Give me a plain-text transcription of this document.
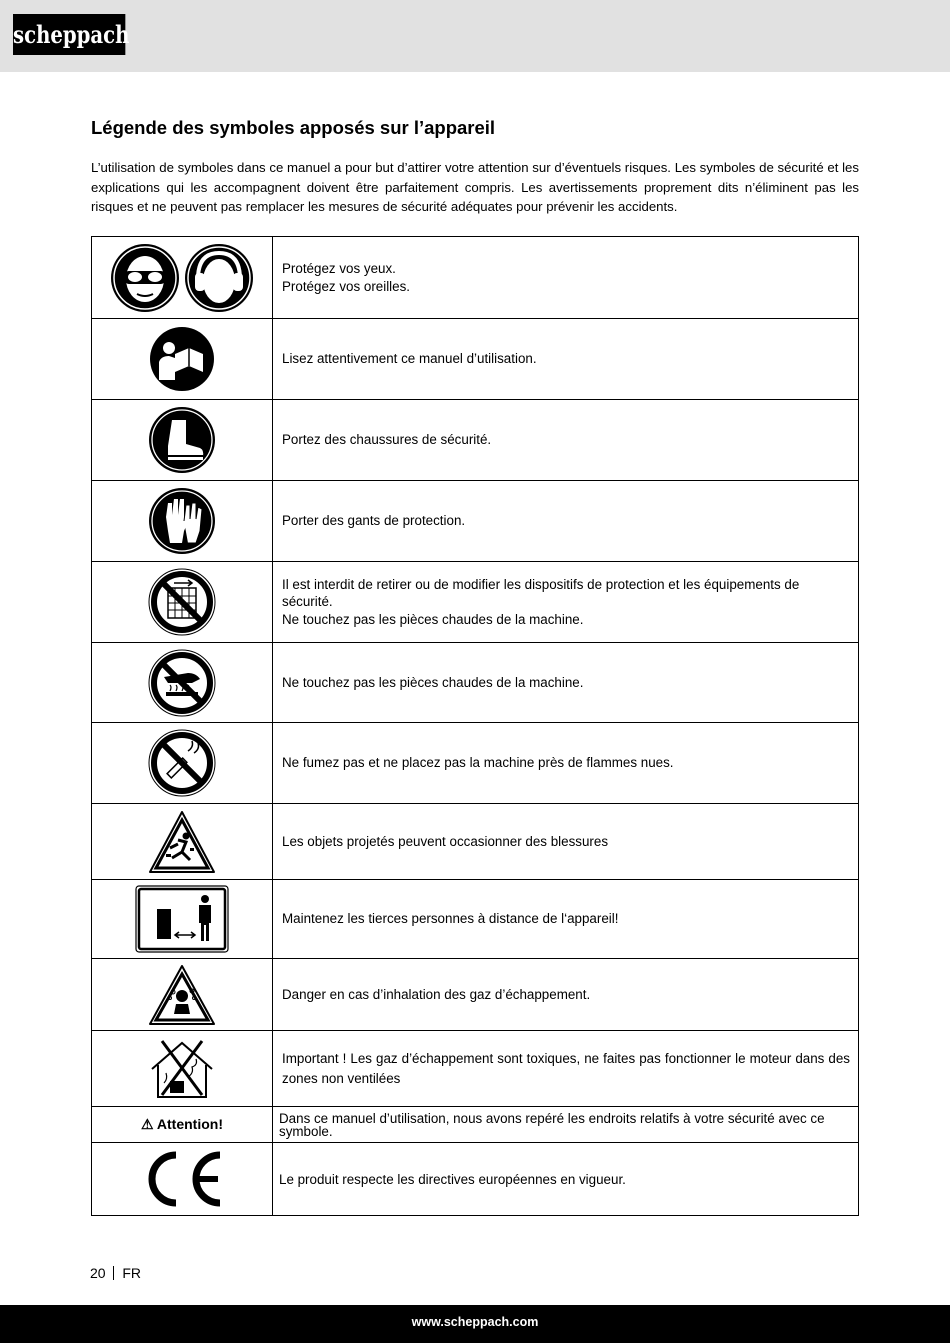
scheppach
Légende des symboles apposés sur l’appareil

L’utilisation de symboles dans ce manuel a pour but d’attirer votre attention sur d’éventuels risques. Les symboles de sécurité et les explications qui les accompagnent doivent être parfaitement compris. Les avertissements proprement dits n’éliminent pas les risques et ne peuvent pas remplacer les mesures de sécurité adéquates pour prévenir les accidents.

Protégez vos yeux.
Protégez vos oreilles.

Lisez attentivement ce manuel d’utilisation.

Portez des chaussures de sécurité.

Porter des gants de protection.

Il est interdit de retirer ou de modifier les dispositifs de protection et les équipements de sécurité.
Ne touchez pas les pièces chaudes de la machine.

Ne touchez pas les pièces chaudes de la machine.

Ne fumez pas et ne placez pas la machine près de flammes nues.

Les objets projetés peuvent occasionner des blessures

Maintenez les tierces personnes à distance de l‘appareil!

Danger en cas d’inhalation des gaz d’échappement.

Important ! Les gaz d’échappement sont toxiques, ne faites pas fonctionner le moteur dans des zones non ventilées

⚠ Attention!	Dans ce manuel d’utilisation, nous avons repéré les endroits relatifs à votre sécurité avec ce symbole.

Le produit respecte les directives européennes en vigueur.
20 FR
www.scheppach.com
